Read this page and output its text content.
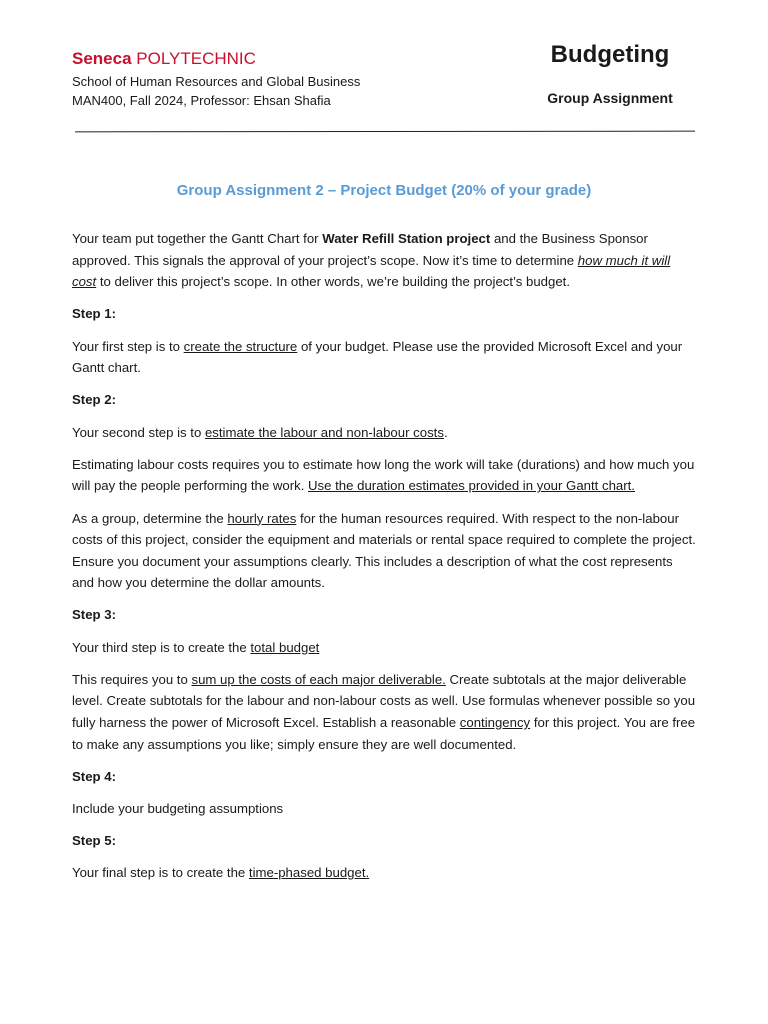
Seneca POLYTECHNIC
School of Human Resources and Global Business
MAN400, Fall 2024, Professor: Ehsan Shafia
Budgeting
Group Assignment
Group Assignment 2 – Project Budget (20% of your grade)

Your team put together the Gantt Chart for Water Refill Station project and the Business Sponsor approved. This signals the approval of your project’s scope. Now it’s time to determine how much it will cost to deliver this project’s scope. In other words, we’re building the project’s budget.

Step 1:

Your first step is to create the structure of your budget. Please use the provided Microsoft Excel and your Gantt chart.

Step 2:

Your second step is to estimate the labour and non-labour costs.

Estimating labour costs requires you to estimate how long the work will take (durations) and how much you will pay the people performing the work. Use the duration estimates provided in your Gantt chart.

As a group, determine the hourly rates for the human resources required. With respect to the non-labour costs of this project, consider the equipment and materials or rental space required to complete the project. Ensure you document your assumptions clearly. This includes a description of what the cost represents and how you determine the dollar amounts.

Step 3:

Your third step is to create the total budget

This requires you to sum up the costs of each major deliverable. Create subtotals at the major deliverable level. Create subtotals for the labour and non-labour costs as well. Use formulas whenever possible so you fully harness the power of Microsoft Excel. Establish a reasonable contingency for this project. You are free to make any assumptions you like; simply ensure they are well documented.

Step 4:

Include your budgeting assumptions

Step 5:

Your final step is to create the time-phased budget.
